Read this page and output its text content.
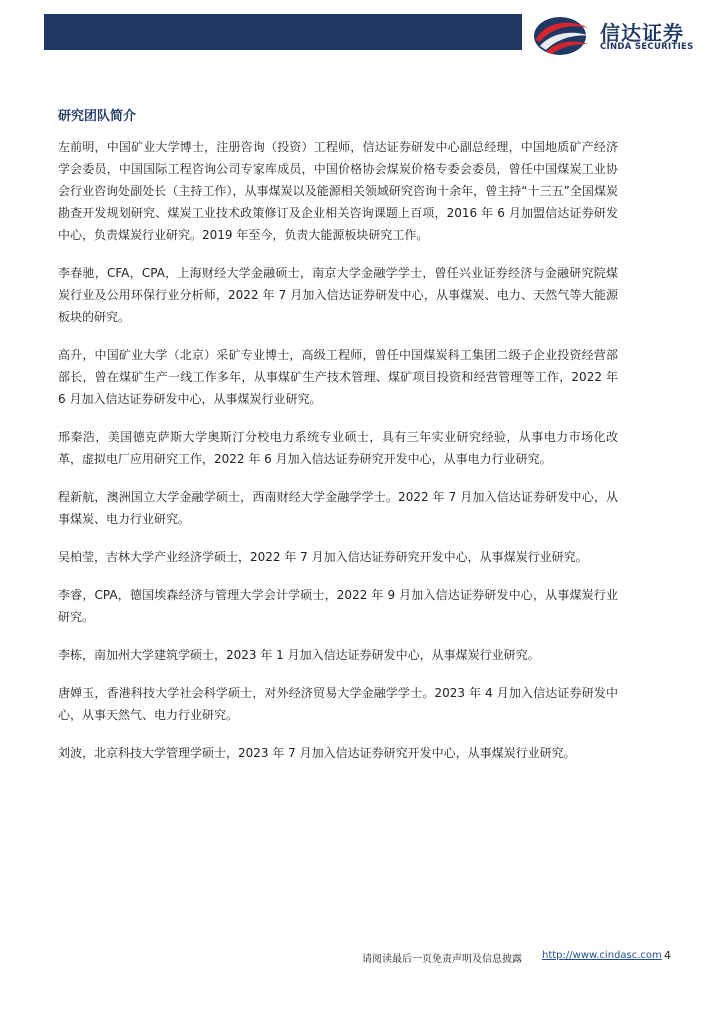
信达证券
CINDA SECURITIES
研究团队简介

左前明，中国矿业大学博士，注册咨询（投资）工程师，信达证券研发中心副总经理，中国地质矿产经济学会委员，中国国际工程咨询公司专家库成员，中国价格协会煤炭价格专委会委员，曾任中国煤炭工业协会行业咨询处副处长（主持工作），从事煤炭以及能源相关领域研究咨询十余年，曾主持“十三五”全国煤炭勘查开发规划研究、煤炭工业技术政策修订及企业相关咨询课题上百项，2016 年 6 月加盟信达证券研发中心，负责煤炭行业研究。2019 年至今，负责大能源板块研究工作。

李春驰，CFA，CPA，上海财经大学金融硕士，南京大学金融学学士，曾任兴业证券经济与金融研究院煤炭行业及公用环保行业分析师，2022 年 7 月加入信达证券研发中心，从事煤炭、电力、天然气等大能源板块的研究。

高升，中国矿业大学（北京）采矿专业博士，高级工程师，曾任中国煤炭科工集团二级子企业投资经营部部长，曾在煤矿生产一线工作多年，从事煤矿生产技术管理、煤矿项目投资和经营管理等工作，2022 年 6 月加入信达证券研发中心，从事煤炭行业研究。

邢秦浩，美国德克萨斯大学奥斯汀分校电力系统专业硕士，具有三年实业研究经验，从事电力市场化改革，虚拟电厂应用研究工作，2022 年 6 月加入信达证券研究开发中心，从事电力行业研究。

程新航，澳洲国立大学金融学硕士，西南财经大学金融学学士。2022 年 7 月加入信达证券研发中心，从事煤炭、电力行业研究。

吴柏莹，吉林大学产业经济学硕士，2022 年 7 月加入信达证券研究开发中心，从事煤炭行业研究。

李睿，CPA，德国埃森经济与管理大学会计学硕士，2022 年 9 月加入信达证券研发中心，从事煤炭行业研究。

李栋，南加州大学建筑学硕士，2023 年 1 月加入信达证券研发中心，从事煤炭行业研究。

唐婵玉，香港科技大学社会科学硕士，对外经济贸易大学金融学学士。2023 年 4 月加入信达证券研发中心，从事天然气、电力行业研究。

刘波，北京科技大学管理学硕士，2023 年 7 月加入信达证券研究开发中心，从事煤炭行业研究。

请阅读最后一页免责声明及信息披露 http://www.cindasc.com 4
